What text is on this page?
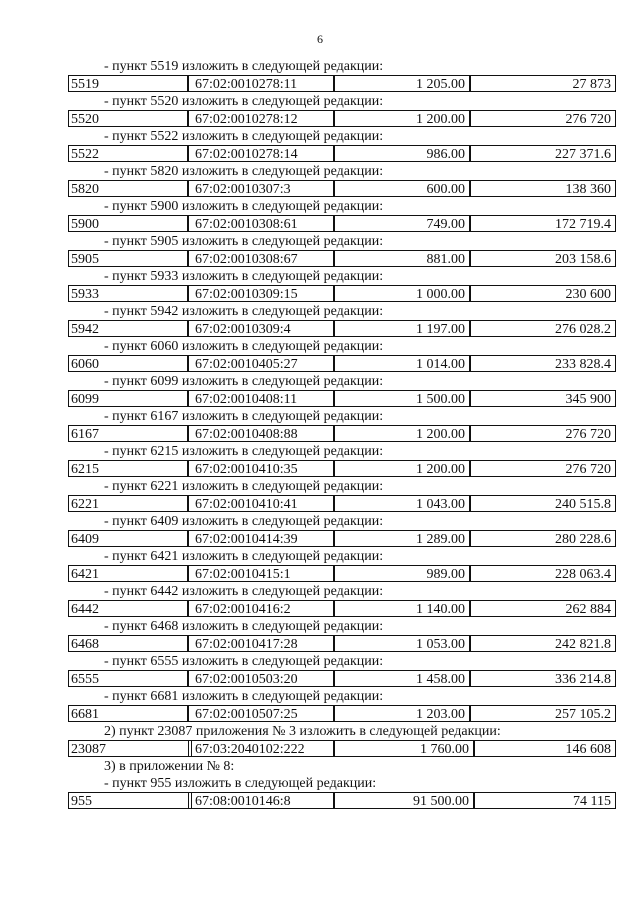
6
- пункт 5519 изложить в следующей редакции:
5519	67:02:0010278:11	1 205.00	27 873
- пункт 5520 изложить в следующей редакции:
5520	67:02:0010278:12	1 200.00	276 720
- пункт 5522 изложить в следующей редакции:
5522	67:02:0010278:14	986.00	227 371.6
- пункт 5820 изложить в следующей редакции:
5820	67:02:0010307:3	600.00	138 360
- пункт 5900 изложить в следующей редакции:
5900	67:02:0010308:61	749.00	172 719.4
- пункт 5905 изложить в следующей редакции:
5905	67:02:0010308:67	881.00	203 158.6
- пункт 5933 изложить в следующей редакции:
5933	67:02:0010309:15	1 000.00	230 600
- пункт 5942 изложить в следующей редакции:
5942	67:02:0010309:4	1 197.00	276 028.2
- пункт 6060 изложить в следующей редакции:
6060	67:02:0010405:27	1 014.00	233 828.4
- пункт 6099 изложить в следующей редакции:
6099	67:02:0010408:11	1 500.00	345 900
- пункт 6167 изложить в следующей редакции:
6167	67:02:0010408:88	1 200.00	276 720
- пункт 6215 изложить в следующей редакции:
6215	67:02:0010410:35	1 200.00	276 720
- пункт 6221 изложить в следующей редакции:
6221	67:02:0010410:41	1 043.00	240 515.8
- пункт 6409 изложить в следующей редакции:
6409	67:02:0010414:39	1 289.00	280 228.6
- пункт 6421 изложить в следующей редакции:
6421	67:02:0010415:1	989.00	228 063.4
- пункт 6442 изложить в следующей редакции:
6442	67:02:0010416:2	1 140.00	262 884
- пункт 6468 изложить в следующей редакции:
6468	67:02:0010417:28	1 053.00	242 821.8
- пункт 6555 изложить в следующей редакции:
6555	67:02:0010503:20	1 458.00	336 214.8
- пункт 6681 изложить в следующей редакции:
6681	67:02:0010507:25	1 203.00	257 105.2
2) пункт 23087 приложения № 3 изложить в следующей редакции:
23087	67:03:2040102:222	1 760.00	146 608
3) в приложении № 8:
- пункт 955 изложить в следующей редакции:
955	67:08:0010146:8	91 500.00	74 115
